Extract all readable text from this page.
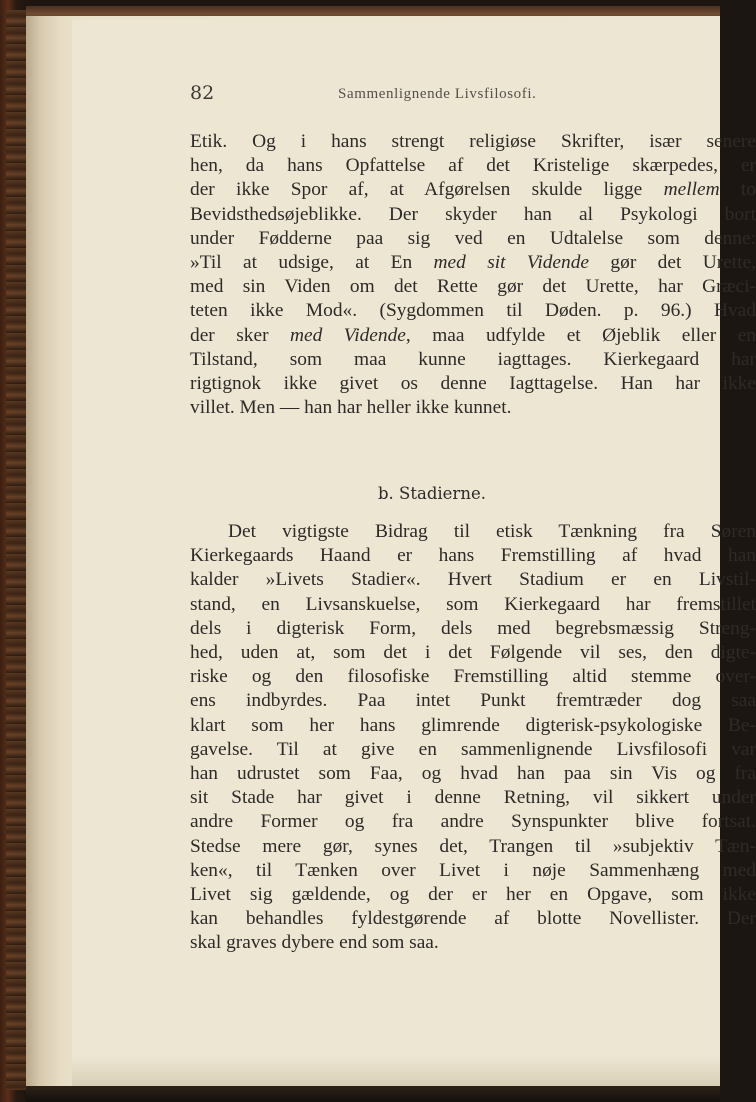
82	Sammenlignende Livsfilosofi.
Etik. Og i hans strengt religiøse Skrifter, især senere
hen, da hans Opfattelse af det Kristelige skærpedes, er
der ikke Spor af, at Afgørelsen skulde ligge mellem to
Bevidsthedsøjeblikke. Der skyder han al Psykologi bort
under Fødderne paa sig ved en Udtalelse som denne:
»Til at udsige, at En med sit Vidende gør det Urette,
med sin Viden om det Rette gør det Urette, har Græci-
teten ikke Mod«. (Sygdommen til Døden. p. 96.) Hvad
der sker med Vidende, maa udfylde et Øjeblik eller en
Tilstand, som maa kunne iagttages. Kierkegaard har
rigtignok ikke givet os denne Iagttagelse. Han har ikke
villet. Men — han har heller ikke kunnet.
b. Stadierne.
Det vigtigste Bidrag til etisk Tænkning fra Søren
Kierkegaards Haand er hans Fremstilling af hvad han
kalder »Livets Stadier«. Hvert Stadium er en Livstil-
stand, en Livsanskuelse, som Kierkegaard har fremstillet
dels i digterisk Form, dels med begrebsmæssig Streng-
hed, uden at, som det i det Følgende vil ses, den digte-
riske og den filosofiske Fremstilling altid stemme over-
ens indbyrdes. Paa intet Punkt fremtræder dog saa
klart som her hans glimrende digterisk-psykologiske Be-
gavelse. Til at give en sammenlignende Livsfilosofi var
han udrustet som Faa, og hvad han paa sin Vis og fra
sit Stade har givet i denne Retning, vil sikkert under
andre Former og fra andre Synspunkter blive fortsat.
Stedse mere gør, synes det, Trangen til »subjektiv Tæn-
ken«, til Tænken over Livet i nøje Sammenhæng med
Livet sig gældende, og der er her en Opgave, som ikke
kan behandles fyldestgørende af blotte Novellister. Der
skal graves dybere end som saa.
